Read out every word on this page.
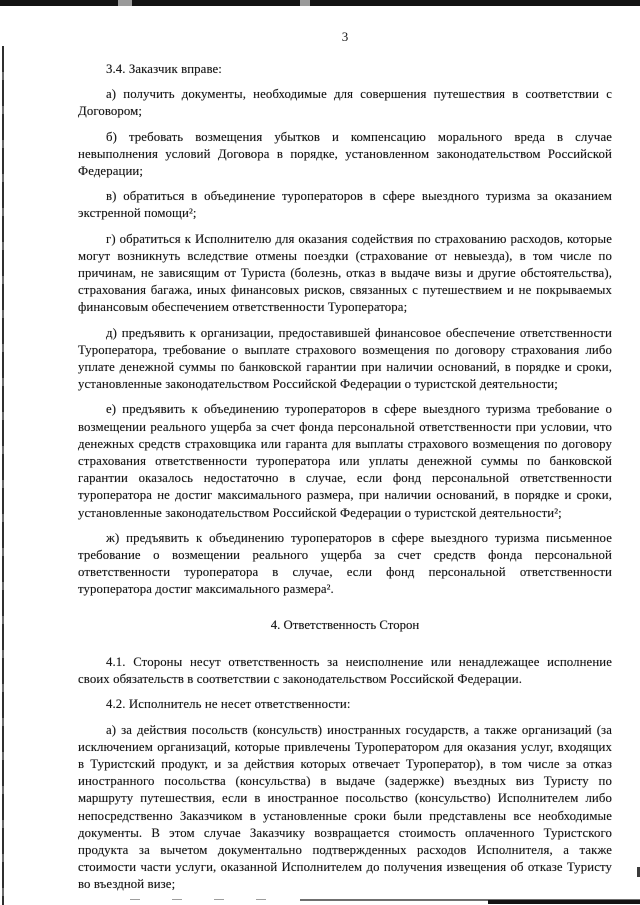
3

3.4. Заказчик вправе:

а) получить документы, необходимые для совершения путешествия в соответствии с Договором;

б) требовать возмещения убытков и компенсацию морального вреда в случае невыполнения условий Договора в порядке, установленном законодательством Российской Федерации;

в) обратиться в объединение туроператоров в сфере выездного туризма за оказанием экстренной помощи²;

г) обратиться к Исполнителю для оказания содействия по страхованию расходов, которые могут возникнуть вследствие отмены поездки (страхование от невыезда), в том числе по причинам, не зависящим от Туриста (болезнь, отказ в выдаче визы и другие обстоятельства), страхования багажа, иных финансовых рисков, связанных с путешествием и не покрываемых финансовым обеспечением ответственности Туроператора;

д) предъявить к организации, предоставившей финансовое обеспечение ответственности Туроператора, требование о выплате страхового возмещения по договору страхования либо уплате денежной суммы по банковской гарантии при наличии оснований, в порядке и сроки, установленные законодательством Российской Федерации о туристской деятельности;

е) предъявить к объединению туроператоров в сфере выездного туризма требование о возмещении реального ущерба за счет фонда персональной ответственности при условии, что денежных средств страховщика или гаранта для выплаты страхового возмещения по договору страхования ответственности туроператора или уплаты денежной суммы по банковской гарантии оказалось недостаточно в случае, если фонд персональной ответственности туроператора не достиг максимального размера, при наличии оснований, в порядке и сроки, установленные законодательством Российской Федерации о туристской деятельности²;

ж) предъявить к объединению туроператоров в сфере выездного туризма письменное требование о возмещении реального ущерба за счет средств фонда персональной ответственности туроператора в случае, если фонд персональной ответственности туроператора достиг максимального размера².

4. Ответственность Сторон

4.1. Стороны несут ответственность за неисполнение или ненадлежащее исполнение своих обязательств в соответствии с законодательством Российской Федерации.

4.2. Исполнитель не несет ответственности:

а) за действия посольств (консульств) иностранных государств, а также организаций (за исключением организаций, которые привлечены Туроператором для оказания услуг, входящих в Туристский продукт, и за действия которых отвечает Туроператор), в том числе за отказ иностранного посольства (консульства) в выдаче (задержке) въездных виз Туристу по маршруту путешествия, если в иностранное посольство (консульство) Исполнителем либо непосредственно Заказчиком в установленные сроки были представлены все необходимые документы. В этом случае Заказчику возвращается стоимость оплаченного Туристского продукта за вычетом документально подтвержденных расходов Исполнителя, а также стоимости части услуги, оказанной Исполнителем до получения извещения об отказе Туристу во въездной визе;
